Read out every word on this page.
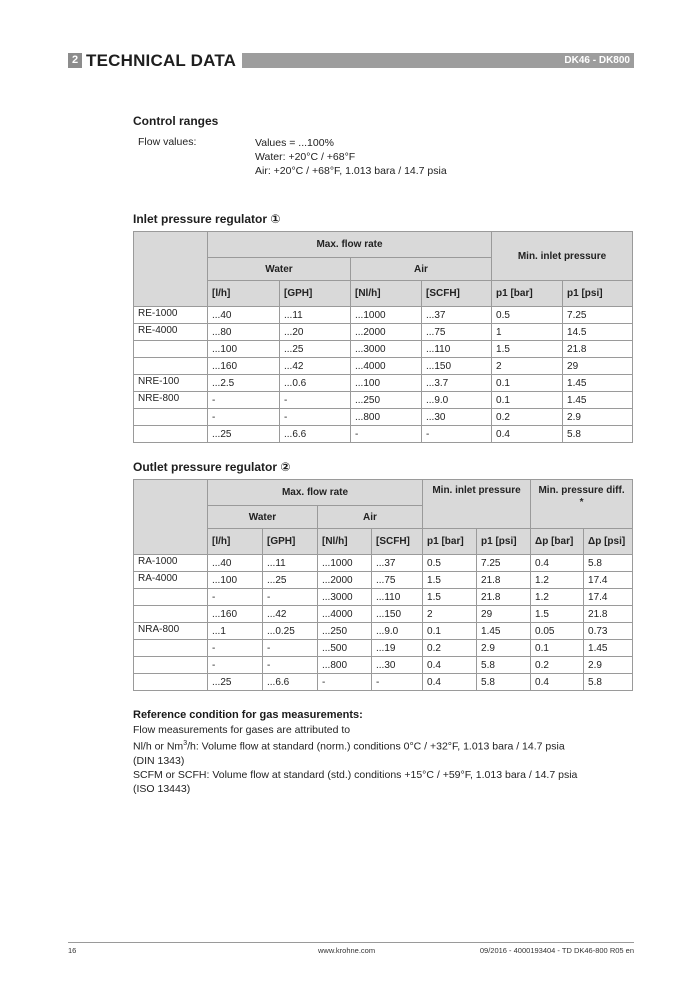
2 TECHNICAL DATA	DK46 - DK800
Control ranges
Flow values:	Values = ...100%
Water: +20°C / +68°F
Air: +20°C / +68°F, 1.013 bara / 14.7 psia
Inlet pressure regulator ①
	Max. flow rate				Min. inlet pressure	
	Water		Air			
	[l/h]	[GPH]	[Nl/h]	[SCFH]	p1 [bar]	p1 [psi]
RE-1000	...40	...11	...1000	...37	0.5	7.25
RE-4000	...80	...20	...2000	...75	1	14.5
	...100	...25	...3000	...110	1.5	21.8
	...160	...42	...4000	...150	2	29
NRE-100	...2.5	...0.6	...100	...3.7	0.1	1.45
NRE-800	-	-	...250	...9.0	0.1	1.45
	-	-	...800	...30	0.2	2.9
	...25	...6.6	-	-	0.4	5.8
Outlet pressure regulator ②
	Max. flow rate				Min. inlet pressure		Min. pressure diff.
*	

	Water		Air					
	[l/h]	[GPH]	[Nl/h]	[SCFH]	p1 [bar]	p1 [psi]	Δp [bar]	Δp [psi]
RA-1000	...40	...11	...1000	...37	0.5	7.25	0.4	5.8
RA-4000	...100	...25	...2000	...75	1.5	21.8	1.2	17.4
	-	-	...3000	...110	1.5	21.8	1.2	17.4
	...160	...42	...4000	...150	2	29	1.5	21.8
NRA-800	...1	...0.25	...250	...9.0	0.1	1.45	0.05	0.73
	-	-	...500	...19	0.2	2.9	0.1	1.45
	-	-	...800	...30	0.4	5.8	0.2	2.9
	...25	...6.6	-	-	0.4	5.8	0.4	5.8
Reference condition for gas measurements:
Flow measurements for gases are attributed to
Nl/h or Nm$^3$/h: Volume flow at standard (norm.) conditions 0°C / +32°F, 1.013 bara / 14.7 psia
(DIN 1343)
SCFM or SCFH: Volume flow at standard (std.) conditions +15°C / +59°F, 1.013 bara / 14.7 psia
(ISO 13443)
16	www.krohne.com	09/2016 - 4000193404 - TD DK46-800 R05 en
